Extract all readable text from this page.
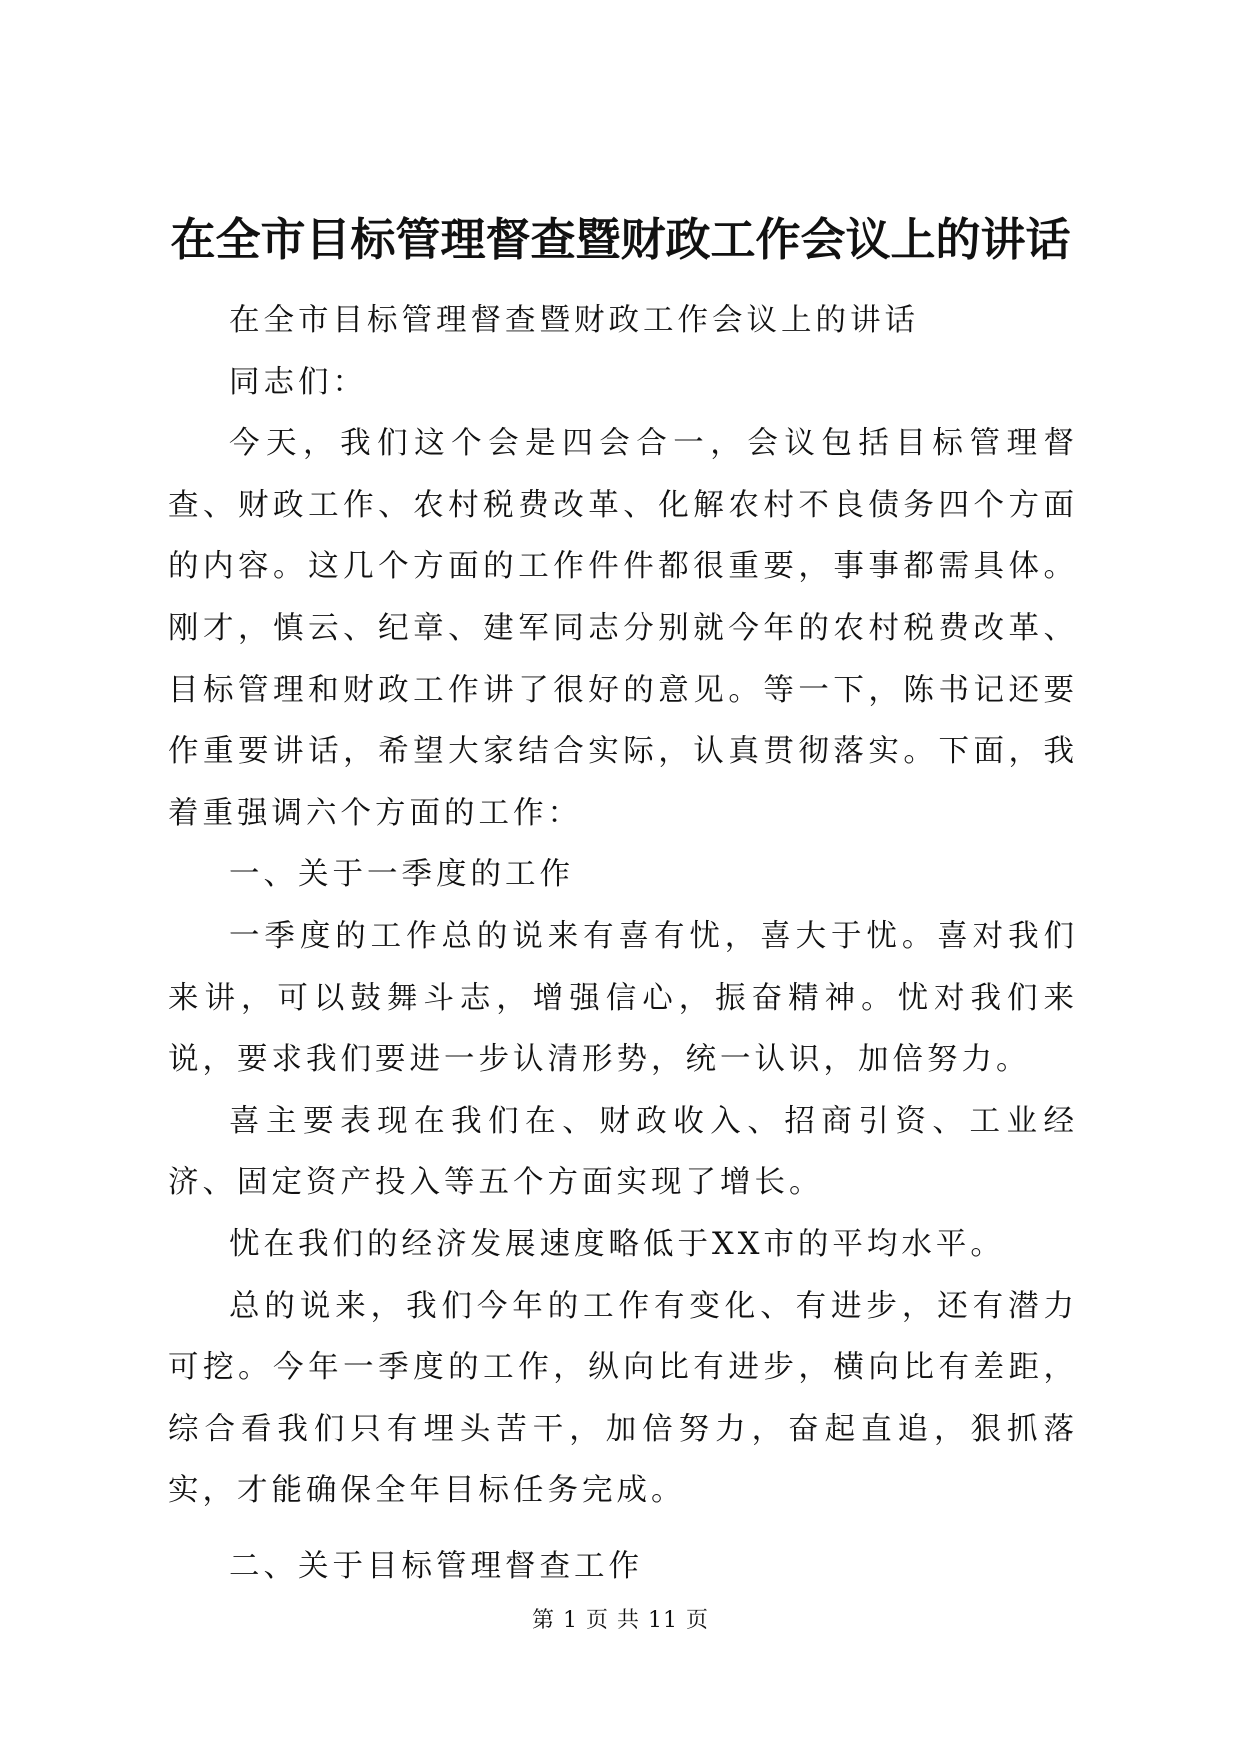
在全市目标管理督查暨财政工作会议上的讲话

在全市目标管理督查暨财政工作会议上的讲话

同志们：

今天，我们这个会是四会合一，会议包括目标管理督查、财政工作、农村税费改革、化解农村不良债务四个方面的内容。这几个方面的工作件件都很重要，事事都需具体。刚才，慎云、纪章、建军同志分别就今年的农村税费改革、目标管理和财政工作讲了很好的意见。等一下，陈书记还要作重要讲话，希望大家结合实际，认真贯彻落实。下面，我着重强调六个方面的工作：

一、关于一季度的工作

一季度的工作总的说来有喜有忧，喜大于忧。喜对我们来讲，可以鼓舞斗志，增强信心，振奋精神。忧对我们来说，要求我们要进一步认清形势，统一认识，加倍努力。

喜主要表现在我们在、财政收入、招商引资、工业经济、固定资产投入等五个方面实现了增长。

忧在我们的经济发展速度略低于XX市的平均水平。

总的说来，我们今年的工作有变化、有进步，还有潜力可挖。今年一季度的工作，纵向比有进步，横向比有差距，综合看我们只有埋头苦干，加倍努力，奋起直追，狠抓落实，才能确保全年目标任务完成。

二、关于目标管理督查工作

第 1 页 共 11 页
